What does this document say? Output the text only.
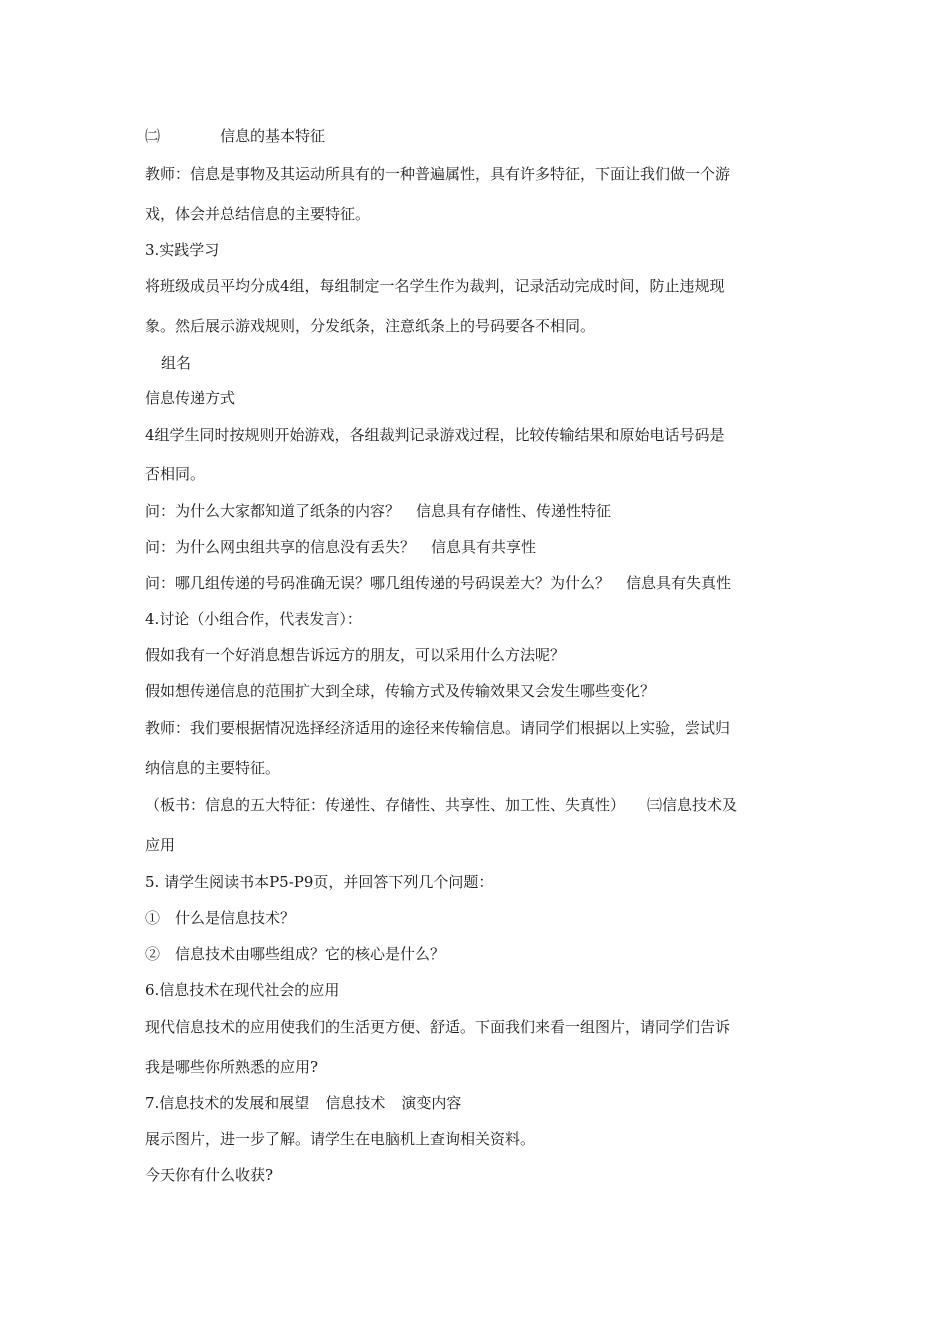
㈡	信息的基本特征
教师：信息是事物及其运动所具有的一种普遍属性，具有许多特征，下面让我们做一个游
戏，体会并总结信息的主要特征。
3.实践学习
将班级成员平均分成4组，每组制定一名学生作为裁判，记录活动完成时间，防止违规现
象。然后展示游戏规则，分发纸条，注意纸条上的号码要各不相同。
组名
信息传递方式
4组学生同时按规则开始游戏，各组裁判记录游戏过程，比较传输结果和原始电话号码是
否相同。
问：为什么大家都知道了纸条的内容？ 信息具有存储性、传递性特征
问：为什么网虫组共享的信息没有丢失？ 信息具有共享性
问：哪几组传递的号码准确无误？哪几组传递的号码误差大？为什么？ 信息具有失真性
4.讨论（小组合作，代表发言）：
假如我有一个好消息想告诉远方的朋友，可以采用什么方法呢？
假如想传递信息的范围扩大到全球，传输方式及传输效果又会发生哪些变化？
教师：我们要根据情况选择经济适用的途径来传输信息。请同学们根据以上实验，尝试归
纳信息的主要特征。
（板书：信息的五大特征：传递性、存储性、共享性、加工性、失真性） ㈢信息技术及
应用
5. 请学生阅读书本P5-P9页，并回答下列几个问题：
①　什么是信息技术？
②　信息技术由哪些组成？它的核心是什么？
6.信息技术在现代社会的应用
现代信息技术的应用使我们的生活更方便、舒适。下面我们来看一组图片，请同学们告诉
我是哪些你所熟悉的应用?
7.信息技术的发展和展望 信息技术 演变内容
展示图片，进一步了解。请学生在电脑机上查询相关资料。
今天你有什么收获?
